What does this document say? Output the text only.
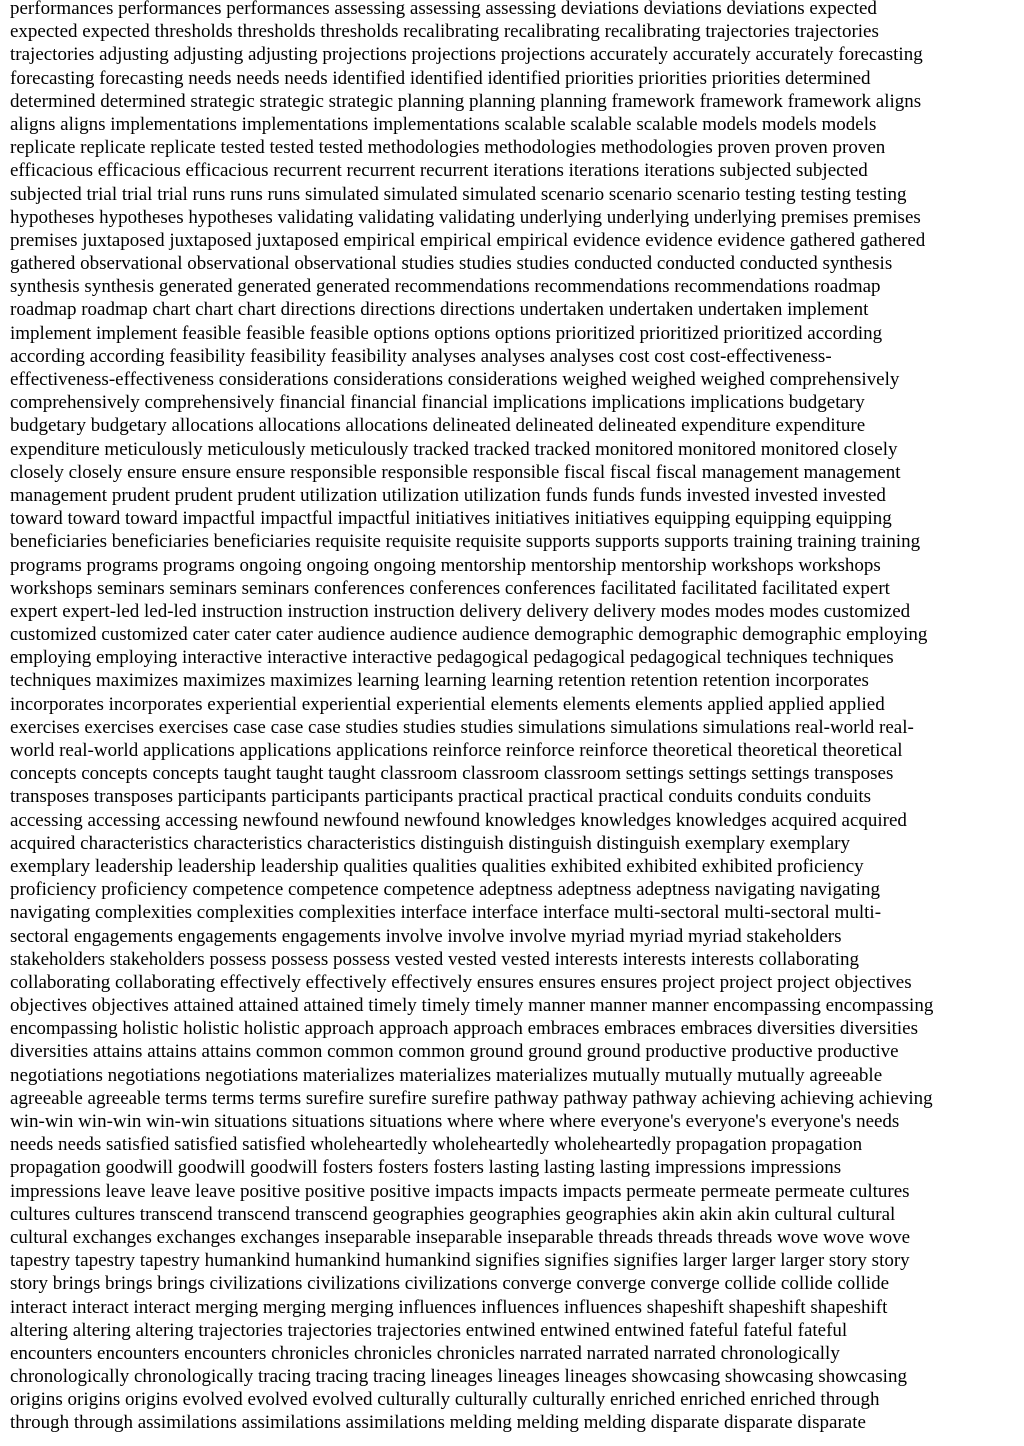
performances performances performances assessing assessing assessing deviations deviations deviations expected
expected expected thresholds thresholds thresholds recalibrating recalibrating recalibrating trajectories trajectories
trajectories adjusting adjusting adjusting projections projections projections accurately accurately accurately forecasting
forecasting forecasting needs needs needs identified identified identified priorities priorities priorities determined
determined determined strategic strategic strategic planning planning planning framework framework framework aligns
aligns aligns implementations implementations implementations scalable scalable scalable models models models
replicate replicate replicate tested tested tested methodologies methodologies methodologies proven proven proven
efficacious efficacious efficacious recurrent recurrent recurrent iterations iterations iterations subjected subjected
subjected trial trial trial runs runs runs simulated simulated simulated scenario scenario scenario testing testing testing
hypotheses hypotheses hypotheses validating validating validating underlying underlying underlying premises premises
premises juxtaposed juxtaposed juxtaposed empirical empirical empirical evidence evidence evidence gathered gathered
gathered observational observational observational studies studies studies conducted conducted conducted synthesis
synthesis synthesis generated generated generated recommendations recommendations recommendations roadmap
roadmap roadmap chart chart chart directions directions directions undertaken undertaken undertaken implement
implement implement feasible feasible feasible options options options prioritized prioritized prioritized according
according according feasibility feasibility feasibility analyses analyses analyses cost cost cost-effectiveness-
effectiveness-effectiveness considerations considerations considerations weighed weighed weighed comprehensively
comprehensively comprehensively financial financial financial implications implications implications budgetary
budgetary budgetary allocations allocations allocations delineated delineated delineated expenditure expenditure
expenditure meticulously meticulously meticulously tracked tracked tracked monitored monitored monitored closely
closely closely ensure ensure ensure responsible responsible responsible fiscal fiscal fiscal management management
management prudent prudent prudent utilization utilization utilization funds funds funds invested invested invested
toward toward toward impactful impactful impactful initiatives initiatives initiatives equipping equipping equipping
beneficiaries beneficiaries beneficiaries requisite requisite requisite supports supports supports training training training
programs programs programs ongoing ongoing ongoing mentorship mentorship mentorship workshops workshops
workshops seminars seminars seminars conferences conferences conferences facilitated facilitated facilitated expert
expert expert-led led-led instruction instruction instruction delivery delivery delivery modes modes modes customized
customized customized cater cater cater audience audience audience demographic demographic demographic employing
employing employing interactive interactive interactive pedagogical pedagogical pedagogical techniques techniques
techniques maximizes maximizes maximizes learning learning learning retention retention retention incorporates
incorporates incorporates experiential experiential experiential elements elements elements applied applied applied
exercises exercises exercises case case case studies studies studies simulations simulations simulations real-world real-
world real-world applications applications applications reinforce reinforce reinforce theoretical theoretical theoretical
concepts concepts concepts taught taught taught classroom classroom classroom settings settings settings transposes
transposes transposes participants participants participants practical practical practical conduits conduits conduits
accessing accessing accessing newfound newfound newfound knowledges knowledges knowledges acquired acquired
acquired characteristics characteristics characteristics distinguish distinguish distinguish exemplary exemplary
exemplary leadership leadership leadership qualities qualities qualities exhibited exhibited exhibited proficiency
proficiency proficiency competence competence competence adeptness adeptness adeptness navigating navigating
navigating complexities complexities complexities interface interface interface multi-sectoral multi-sectoral multi-
sectoral engagements engagements engagements involve involve involve myriad myriad myriad stakeholders
stakeholders stakeholders possess possess possess vested vested vested interests interests interests collaborating
collaborating collaborating effectively effectively effectively ensures ensures ensures project project project objectives
objectives objectives attained attained attained timely timely timely manner manner manner encompassing encompassing
encompassing holistic holistic holistic approach approach approach embraces embraces embraces diversities diversities
diversities attains attains attains common common common ground ground ground productive productive productive
negotiations negotiations negotiations materializes materializes materializes mutually mutually mutually agreeable
agreeable agreeable terms terms terms surefire surefire surefire pathway pathway pathway achieving achieving achieving
win-win win-win win-win situations situations situations where where where everyone's everyone's everyone's needs
needs needs satisfied satisfied satisfied wholeheartedly wholeheartedly wholeheartedly propagation propagation
propagation goodwill goodwill goodwill fosters fosters fosters lasting lasting lasting impressions impressions
impressions leave leave leave positive positive positive impacts impacts impacts permeate permeate permeate cultures
cultures cultures transcend transcend transcend geographies geographies geographies akin akin akin cultural cultural
cultural exchanges exchanges exchanges inseparable inseparable inseparable threads threads threads wove wove wove
tapestry tapestry tapestry humankind humankind humankind signifies signifies signifies larger larger larger story story
story brings brings brings civilizations civilizations civilizations converge converge converge collide collide collide
interact interact interact merging merging merging influences influences influences shapeshift shapeshift shapeshift
altering altering altering trajectories trajectories trajectories entwined entwined entwined fateful fateful fateful
encounters encounters encounters chronicles chronicles chronicles narrated narrated narrated chronologically
chronologically chronologically tracing tracing tracing lineages lineages lineages showcasing showcasing showcasing
origins origins origins evolved evolved evolved culturally culturally culturally enriched enriched enriched through
through through assimilations assimilations assimilations melding melding melding disparate disparate disparate
